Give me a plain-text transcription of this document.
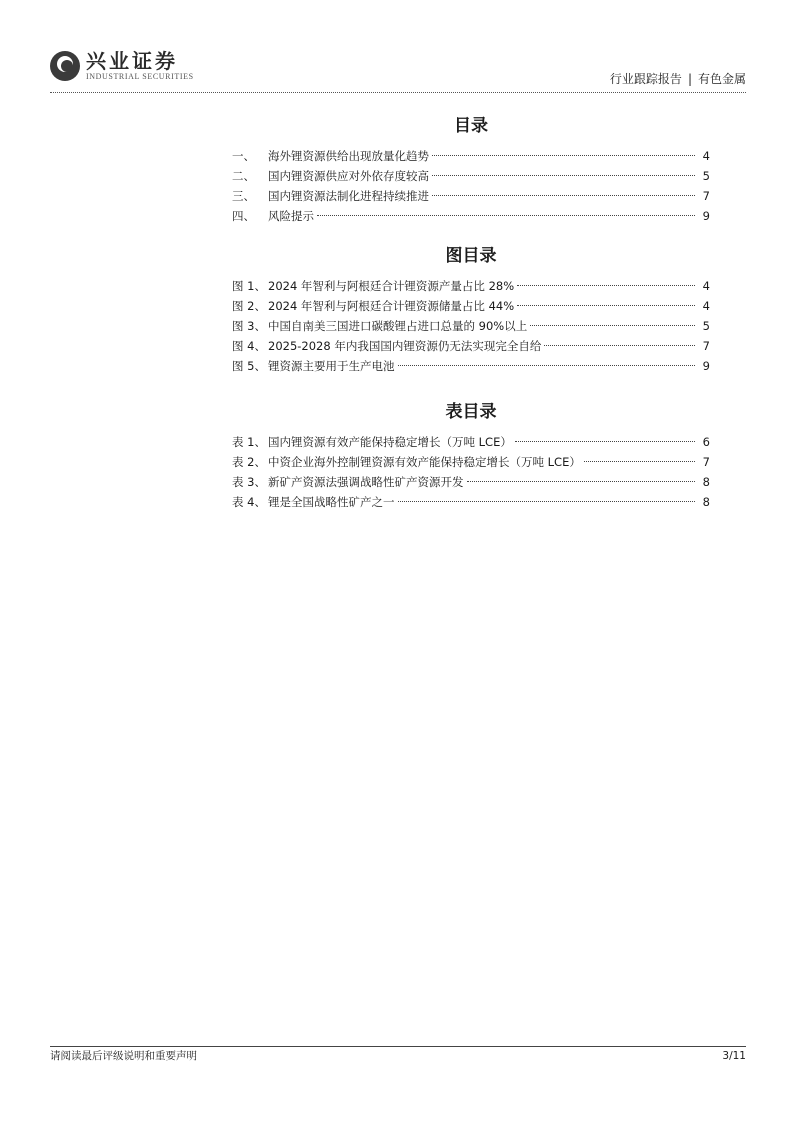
兴业证券
INDUSTRIAL SECURITIES	行业跟踪报告 | 有色金属
目录
一、	海外锂资源供给出现放量化趋势	4
二、	国内锂资源供应对外依存度较高	5
三、	国内锂资源法制化进程持续推进	7
四、	风险提示	9
图目录
图 1、 2024 年智利与阿根廷合计锂资源产量占比 28%	4
图 2、 2024 年智利与阿根廷合计锂资源储量占比 44%	4
图 3、 中国自南美三国进口碳酸锂占进口总量的 90%以上	5
图 4、 2025-2028 年内我国国内锂资源仍无法实现完全自给	7
图 5、 锂资源主要用于生产电池	9
表目录
表 1、 国内锂资源有效产能保持稳定增长（万吨 LCE）	6
表 2、 中资企业海外控制锂资源有效产能保持稳定增长（万吨 LCE）	7
表 3、 新矿产资源法强调战略性矿产资源开发	8
表 4、 锂是全国战略性矿产之一	8
请阅读最后评级说明和重要声明	3/11
